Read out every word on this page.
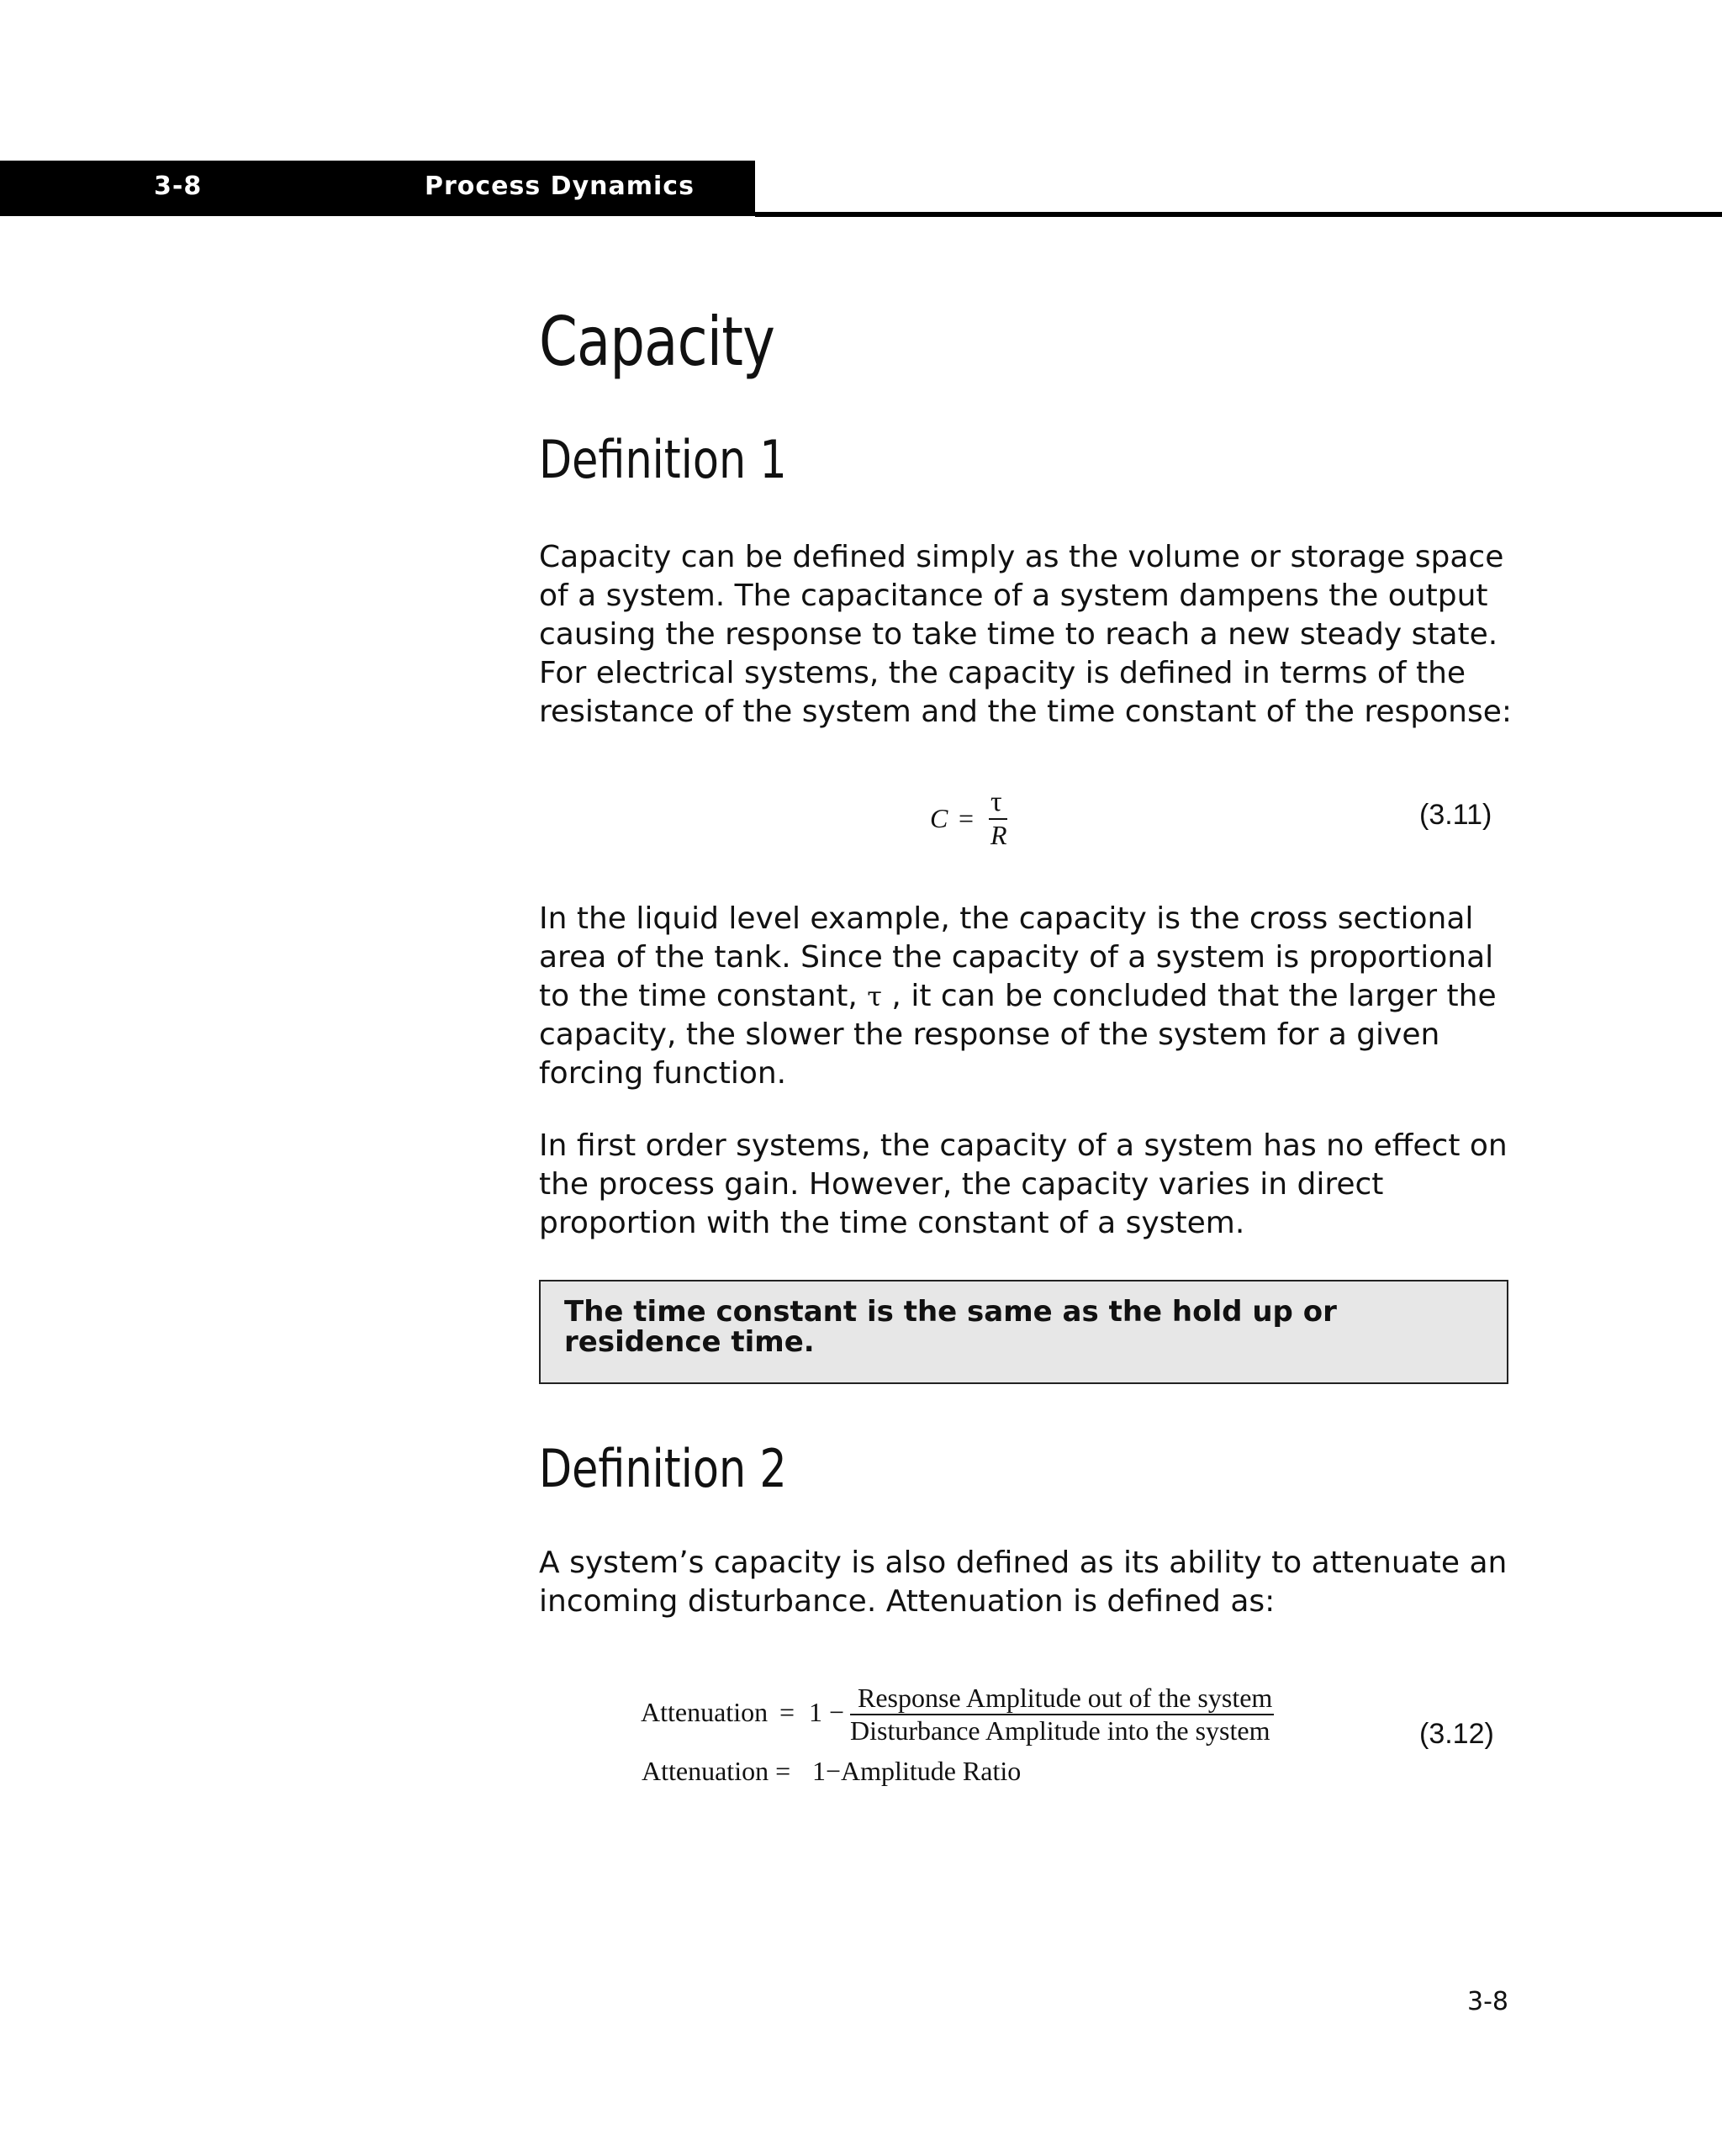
3-8	Process Dynamics
Capacity
Definition 1

Capacity can be defined simply as the volume or storage space of a system. The capacitance of a system dampens the output causing the response to take time to reach a new steady state. For electrical systems, the capacity is defined in terms of the resistance of the system and the time constant of the response:

C =
τ
R
(3.11)

In the liquid level example, the capacity is the cross sectional area of the tank. Since the capacity of a system is proportional to the time constant, τ , it can be concluded that the larger the capacity, the slower the response of the system for a given forcing function.

In first order systems, the capacity of a system has no effect on the process gain. However, the capacity varies in direct proportion with the time constant of a system.

The time constant is the same as the hold up or residence time.

Definition 2

A system’s capacity is also defined as its ability to attenuate an incoming disturbance. Attenuation is defined as:

Attenuation = 1 − Response Amplitude out of the system
Disturbance Amplitude into the system	(3.12)
Attenuation = 1−Amplitude Ratio
3-8
